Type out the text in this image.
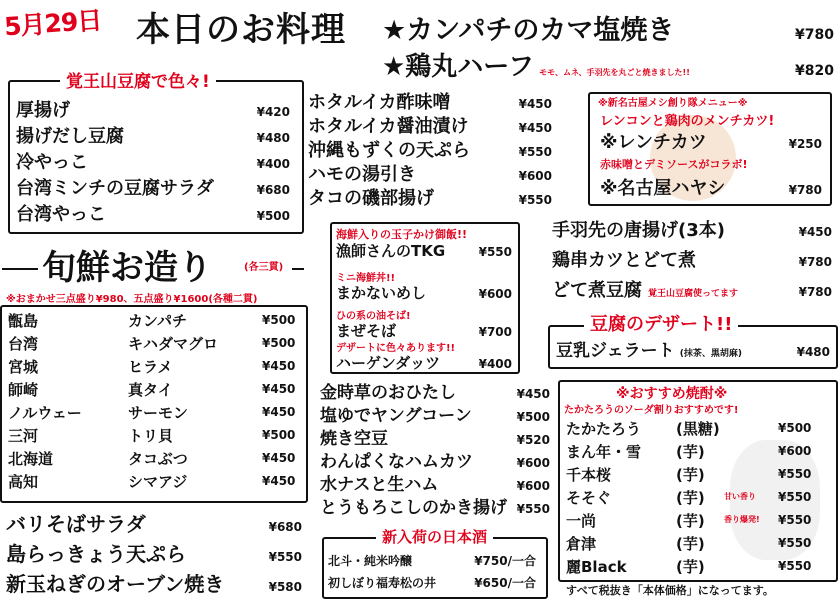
5月29日 本日のお料理 ★カンパチのカマ塩焼き	¥780
★鶏丸ハーフ モモ、ムネ、手羽先を丸ごと焼きました!!	¥820
覚王山豆腐で色々!
厚揚げ	¥420
揚げだし豆腐	¥480
冷やっこ	¥400
台湾ミンチの豆腐サラダ	¥680
台湾やっこ	¥500
旬鮮お造り	(各三貫)
※おまかせ三点盛り¥980、五点盛り¥1600(各種二貫)
甑島	カンパチ	¥500
台湾	キハダマグロ	¥500
宮城	ヒラメ	¥450
師崎	真タイ	¥450
ノルウェー	サーモン	¥450
三河	トリ貝	¥500
北海道	タコぶつ	¥450
高知	シマアジ	¥450
バリそばサラダ	¥680
島らっきょう天ぷら	¥550
新玉ねぎのオーブン焼き	¥580
ホタルイカ酢味噌	¥450
ホタルイカ醤油漬け	¥450
沖縄もずくの天ぷら	¥550
ハモの湯引き	¥600
タコの磯部揚げ	¥550
海鮮入りの玉子かけ御飯!!
漁師さんのTKG	¥550
ミニ海鮮丼!!
まかないめし	¥600
ひの系の油そば!
まぜそば	¥700
デザートに色々あります!!
ハーゲンダッツ	¥400
金時草のおひたし	¥450
塩ゆでヤングコーン	¥500
焼き空豆	¥520
わんぱくなハムカツ	¥600
水ナスと生ハム	¥600
とうもろこしのかき揚げ ¥550
新入荷の日本酒
北斗・純米吟醸	¥750/一合
初しぼり福寿松の井	¥650/一合
※新名古屋メシ創り隊メニュー※
レンコンと鶏肉のメンチカツ!
※レンチカツ	¥250
赤味噌とデミソースがコラボ!
※名古屋ハヤシ	¥780
手羽先の唐揚げ(3本)	¥450
鶏串カツとどて煮	¥780
どて煮豆腐 覚王山豆腐使ってます	¥780
豆腐のデザート!!
豆乳ジェラート (抹茶、黒胡麻)	¥480
※おすすめ焼酎※
たかたろうのソーダ割りおすすめです!
たかたろう (黒糖)	¥500
まん年・雪 (芋)	¥600
千本桜	(芋)	¥550
そそぐ	(芋) 甘い香り ¥550
一尚	(芋) 香り爆発! ¥550
倉津	(芋)	¥550
麗Black	(芋)	¥550
すべて税抜き「本体価格」になってます。
